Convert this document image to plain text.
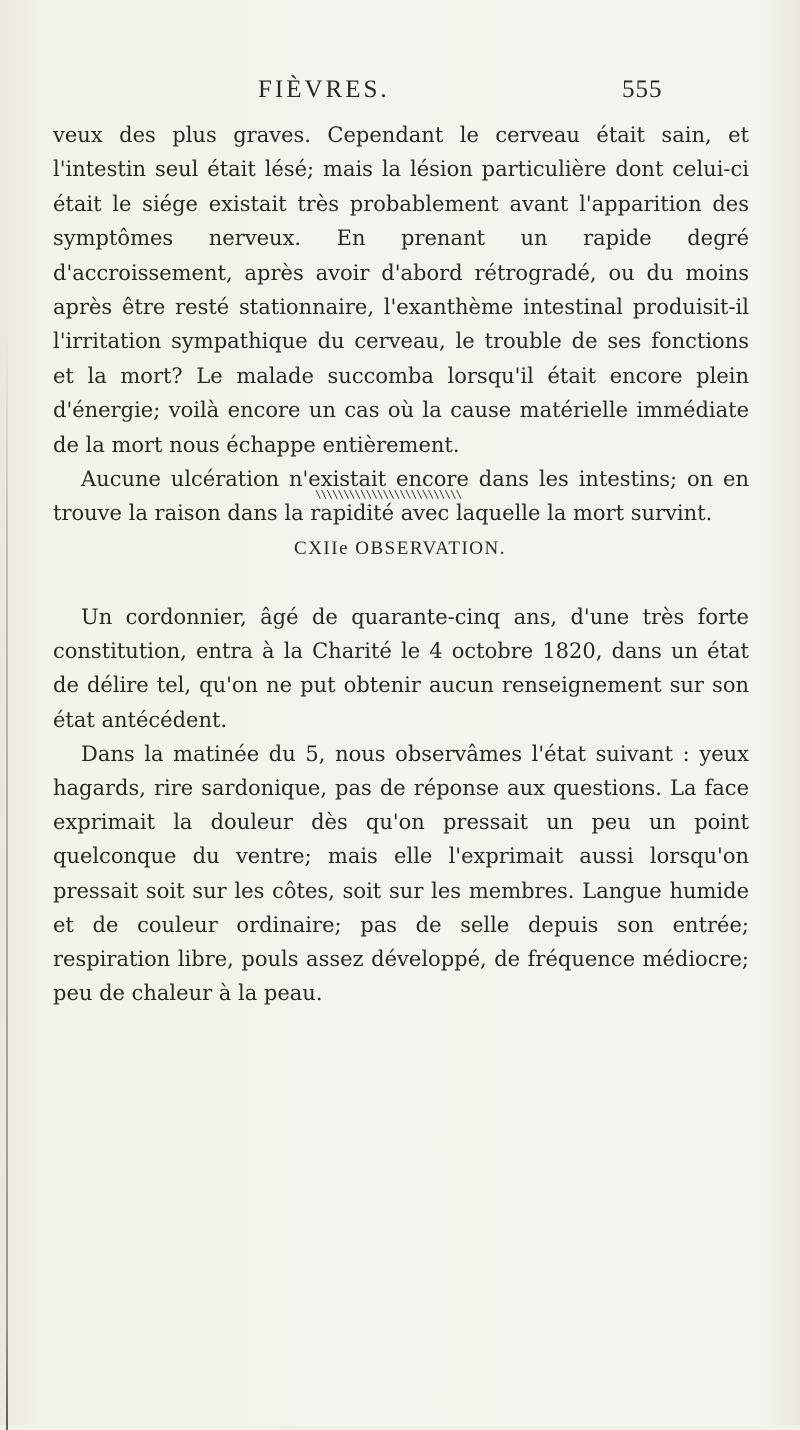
FIÈVRES.	555

veux des plus graves. Cependant le cerveau était sain, et l'intestin seul était lésé; mais la lésion particulière dont celui-ci était le siége existait très probablement avant l'apparition des symptômes nerveux. En prenant un rapide degré d'accroissement, après avoir d'abord rétrogradé, ou du moins après être resté stationnaire, l'exanthème intestinal produisit-il l'irritation sympathique du cerveau, le trouble de ses fonctions et la mort? Le malade succomba lorsqu'il était encore plein d'énergie; voilà encore un cas où la cause matérielle immédiate de la mort nous échappe entièrement.

Aucune ulcération n'existait encore dans les intestins; on en trouve la raison dans la rapidité avec laquelle la mort survint.

\\\\\\\\\\\\\\\\\\\\\\\\\\
CXIIe OBSERVATION.

Un cordonnier, âgé de quarante-cinq ans, d'une très forte constitution, entra à la Charité le 4 octobre 1820, dans un état de délire tel, qu'on ne put obtenir aucun renseignement sur son état antécédent.

Dans la matinée du 5, nous observâmes l'état suivant : yeux hagards, rire sardonique, pas de réponse aux questions. La face exprimait la douleur dès qu'on pressait un peu un point quelconque du ventre; mais elle l'exprimait aussi lorsqu'on pressait soit sur les côtes, soit sur les membres. Langue humide et de couleur ordinaire; pas de selle depuis son entrée; respiration libre, pouls assez développé, de fréquence médiocre; peu de chaleur à la peau.
